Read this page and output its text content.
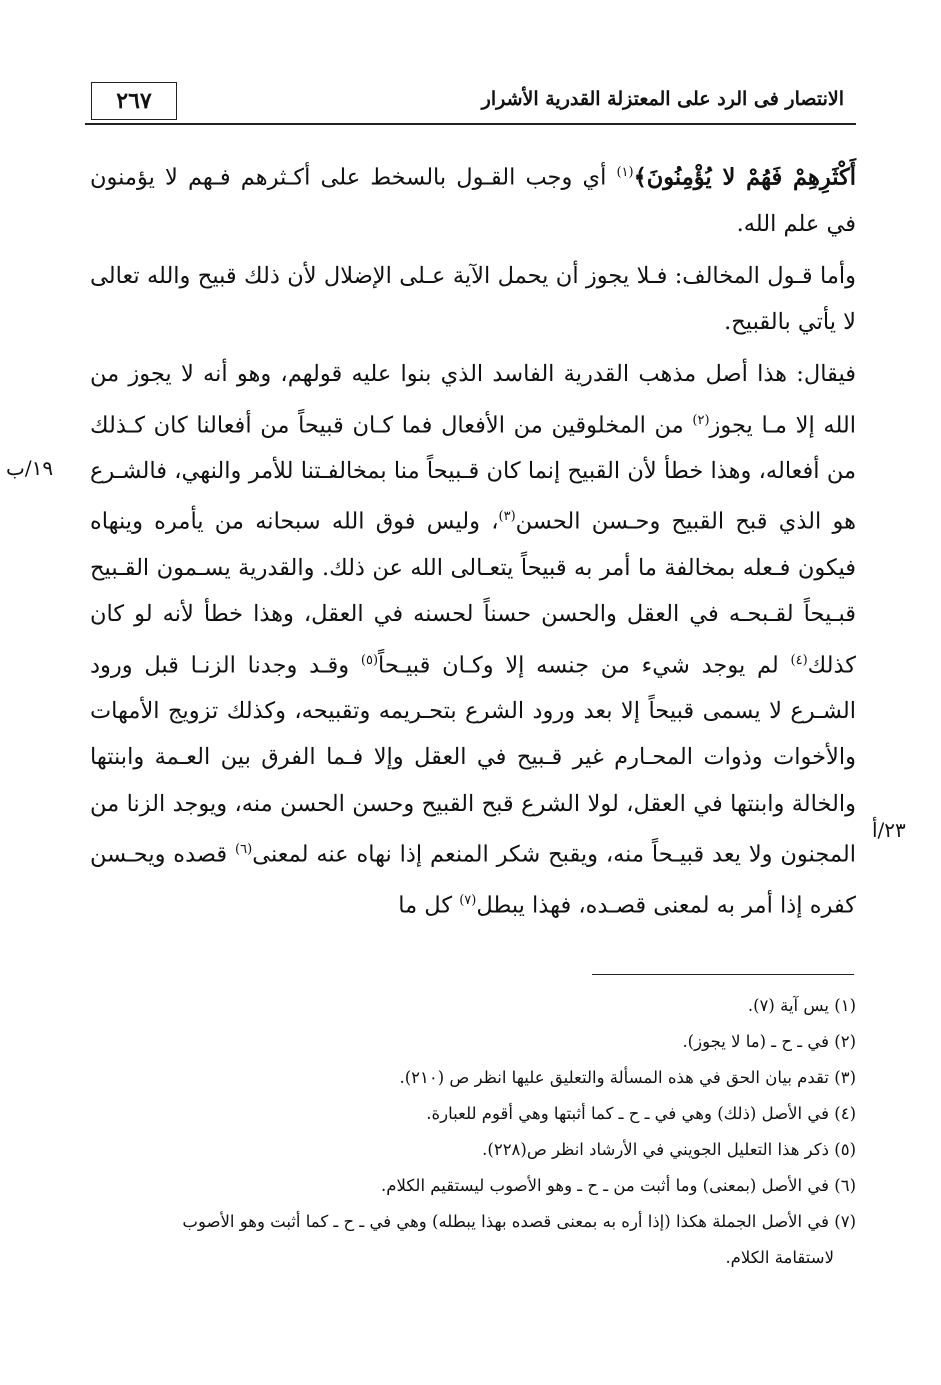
٢٦٧	الانتصار فى الرد على المعتزلة القدرية الأشرار
١٩/ب
٢٣/أ

أَكْثَرِهِمْ فَهُمْ لا يُؤْمِنُونَ﴾$^{(١)}$ أي وجب القـول بالسخط على أكـثرهم فـهم لا يؤمنون في علم الله.

وأما قـول المخالف: فـلا يجوز أن يحمل الآية عـلى الإضلال لأن ذلك قبيح والله تعالى لا يأتي بالقبيح.

فيقال: هذا أصل مذهب القدرية الفاسد الذي بنوا عليه قولهم، وهو أنه لا يجوز من الله إلا مـا يجوز$^{(٢)}$ من المخلوقين من الأفعال فما كـان قبيحاً من أفعالنا كان كـذلك من أفعاله، وهذا خطأ لأن القبيح إنما كان قـبيحاً منا بمخالفـتنا للأمر والنهي، فالشـرع هو الذي قبح القبيح وحـسن الحسن$^{(٣)}$، وليس فوق الله سبحانه من يأمره وينهاه فيكون فـعله بمخالفة ما أمر به قبيحاً يتعـالى الله عن ذلك. والقدرية يسـمون القـبيح قبـيحاً لقـبحـه في العقل والحسن حسناً لحسنه في العقل، وهذا خطأ لأنه لو كان كذلك$^{(٤)}$ لم يوجد شيء من جنسه إلا وكـان قبيـحاً$^{(٥)}$ وقـد وجدنا الزنـا قبل ورود الشـرع لا يسمى قبيحاً إلا بعد ورود الشرع بتحـريمه وتقبيحه، وكذلك تزويج الأمهات والأخوات وذوات المحـارم غير قـبيح في العقل وإلا فـما الفرق بين العـمة وابنتها والخالة وابنتها في العقل، لولا الشرع قبح القبيح وحسن الحسن منه، ويوجد الزنا من المجنون ولا يعد قبيـحاً منه، ويقبح شكر المنعم إذا نهاه عنه لمعنى$^{(٦)}$ قصده ويحـسن كفره إذا أمر به لمعنى قصـده، فهذا يبطل$^{(٧)}$ كل ما

(١) يس آية (٧).
(٢) في ـ ح ـ (ما لا يجوز).
(٣) تقدم بيان الحق في هذه المسألة والتعليق عليها انظر ص (٢١٠).
(٤) في الأصل (ذلك) وهي في ـ ح ـ كما أثبتها وهي أقوم للعبارة.
(٥) ذكر هذا التعليل الجويني في الأرشاد انظر ص(٢٢٨).
(٦) في الأصل (بمعنى) وما أثبت من ـ ح ـ وهو الأصوب ليستقيم الكلام.
(٧) في الأصل الجملة هكذا (إذا أره به بمعنى قصده بهذا يبطله) وهي في ـ ح ـ كما أثبت وهو الأصوب
لاستقامة الكلام.
